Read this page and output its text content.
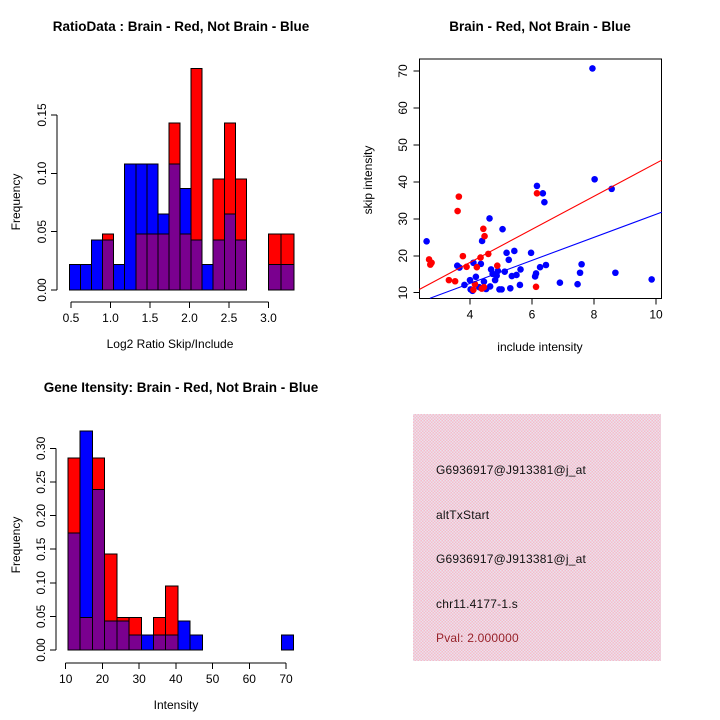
RatioData : Brain - Red, Not Brain - Blue
Log2 Ratio Skip/Include
Frequency
0.5 1.0 1.5 2.0 2.5 3.0
0.00
0.05
0.10
0.15
Brain - Red, Not Brain - Blue
include intensity
skip intensity
4	6	8	10
10
20
30
40
50
60
70
Gene Itensity: Brain - Red, Not Brain - Blue
Intensity
Frequency
10 20 30 40 50 60 70
0.00
0.05
0.10
0.15
0.20
0.25
0.30
G6936917@J913381@j_at
altTxStart
G6936917@J913381@j_at
chr11.4177-1.s
Pval: 2.000000
